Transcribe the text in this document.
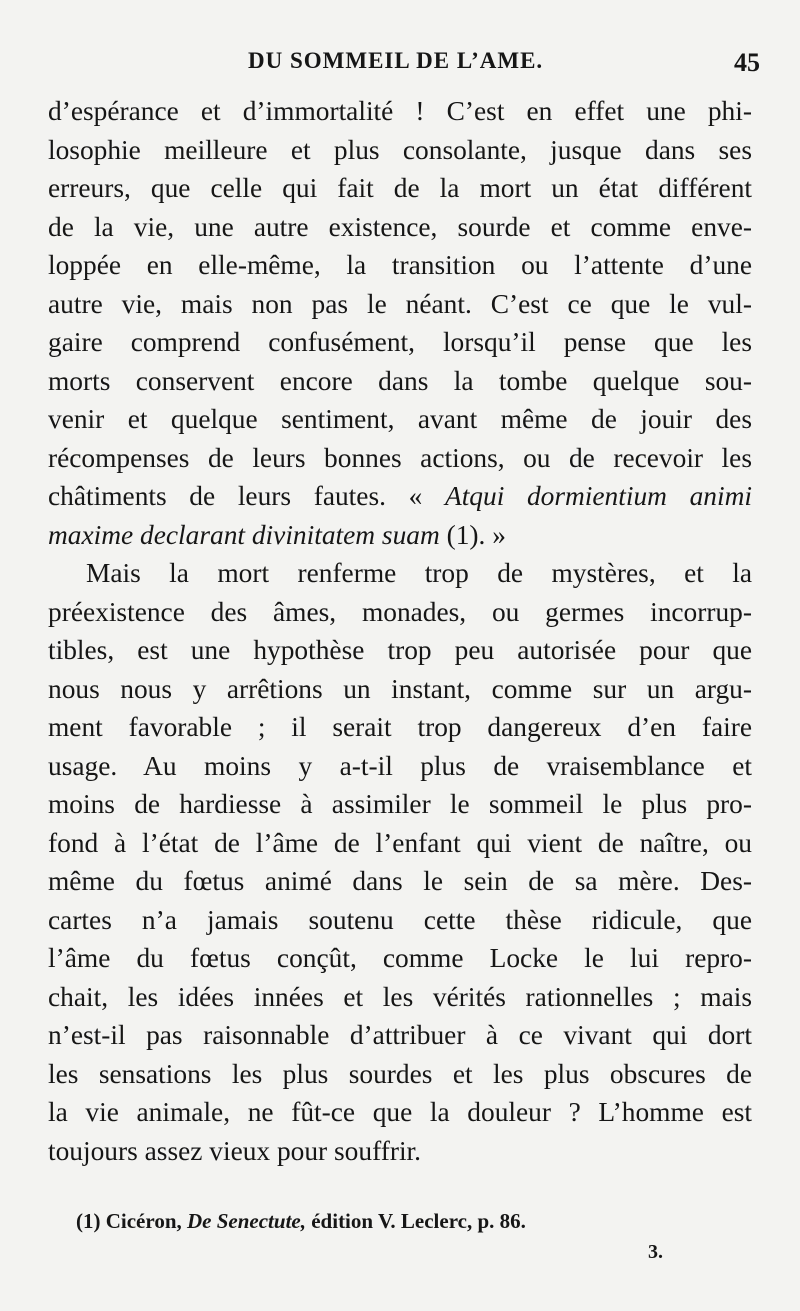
DU SOMMEIL DE L’AME.	45
d’espérance et d’immortalité ! C’est en effet une phi-
losophie meilleure et plus consolante, jusque dans ses
erreurs, que celle qui fait de la mort un état différent
de la vie, une autre existence, sourde et comme enve-
loppée en elle-même, la transition ou l’attente d’une
autre vie, mais non pas le néant. C’est ce que le vul-
gaire comprend confusément, lorsqu’il pense que les
morts conservent encore dans la tombe quelque sou-
venir et quelque sentiment, avant même de jouir des
récompenses de leurs bonnes actions, ou de recevoir les
châtiments de leurs fautes. « Atqui dormientium animi
maxime declarant divinitatem suam (1). »
Mais la mort renferme trop de mystères, et la
préexistence des âmes, monades, ou germes incorrup-
tibles, est une hypothèse trop peu autorisée pour que
nous nous y arrêtions un instant, comme sur un argu-
ment favorable ; il serait trop dangereux d’en faire
usage. Au moins y a-t-il plus de vraisemblance et
moins de hardiesse à assimiler le sommeil le plus pro-
fond à l’état de l’âme de l’enfant qui vient de naître, ou
même du fœtus animé dans le sein de sa mère. Des-
cartes n’a jamais soutenu cette thèse ridicule, que
l’âme du fœtus conçût, comme Locke le lui repro-
chait, les idées innées et les vérités rationnelles ; mais
n’est-il pas raisonnable d’attribuer à ce vivant qui dort
les sensations les plus sourdes et les plus obscures de
la vie animale, ne fût-ce que la douleur ? L’homme est
toujours assez vieux pour souffrir.
(1) Cicéron, De Senectute, édition V. Leclerc, p. 86.
3.
